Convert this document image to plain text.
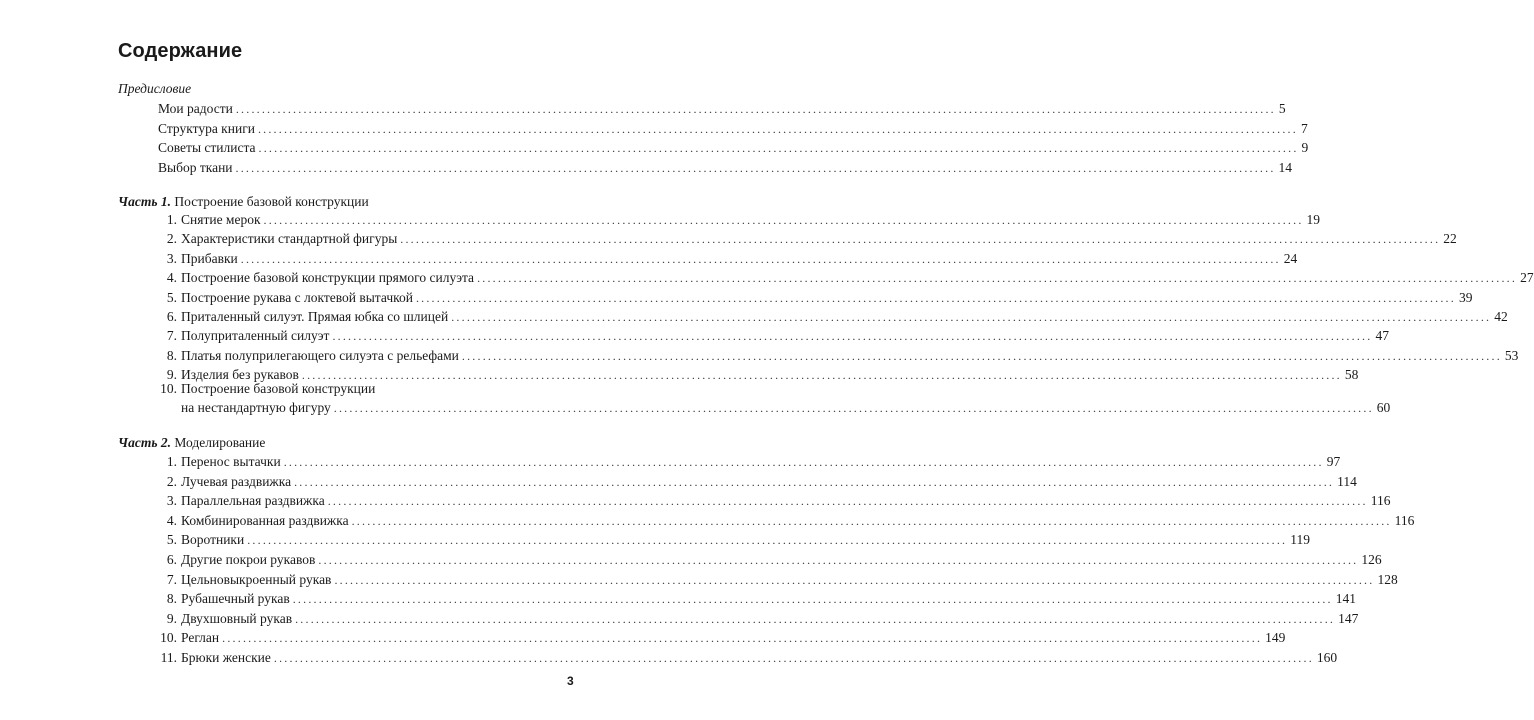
Содержание
Предисловие
Мои радости ........................................................................................................................................................................................................ 5
Структура книги ........................................................................................................................................................................................................ 7
Советы стилиста ........................................................................................................................................................................................................ 9
Выбор ткани ........................................................................................................................................................................................................ 14
Часть 1. Построение базовой конструкции
1. Снятие мерок ........................................................................................................................................................................................................ 19
2. Характеристики стандартной фигуры ........................................................................................................................................................................................................ 22
3. Прибавки ........................................................................................................................................................................................................ 24
4. Построение базовой конструкции прямого силуэта ........................................................................................................................................................................................................ 27
5. Построение рукава с локтевой вытачкой ........................................................................................................................................................................................................ 39
6. Приталенный силуэт. Прямая юбка со шлицей ........................................................................................................................................................................................................ 42
7. Полуприталенный силуэт ........................................................................................................................................................................................................ 47
8. Платья полуприлегающего силуэта с рельефами ........................................................................................................................................................................................................ 53
9. Изделия без рукавов ........................................................................................................................................................................................................ 58
10. Построение базовой конструкции
на нестандартную фигуру ........................................................................................................................................................................................................ 60
Часть 2. Моделирование
1. Перенос вытачки ........................................................................................................................................................................................................ 97
2. Лучевая раздвижка ........................................................................................................................................................................................................ 114
3. Параллельная раздвижка ........................................................................................................................................................................................................ 116
4. Комбинированная раздвижка ........................................................................................................................................................................................................ 116
5. Воротники ........................................................................................................................................................................................................ 119
6. Другие покрои рукавов ........................................................................................................................................................................................................ 126
7. Цельновыкроенный рукав ........................................................................................................................................................................................................ 128
8. Рубашечный рукав ........................................................................................................................................................................................................ 141
9. Двухшовный рукав ........................................................................................................................................................................................................ 147
10. Реглан ........................................................................................................................................................................................................ 149
11. Брюки женские ........................................................................................................................................................................................................ 160
3
